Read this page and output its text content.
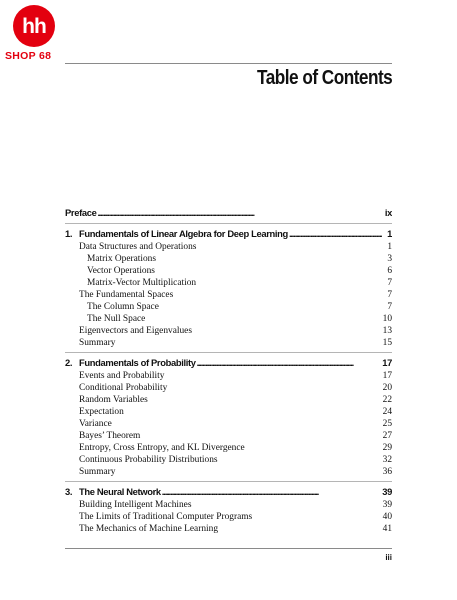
hh
SHOP 68
Table of Contents
Preface . . .	ix
1. Fundamentals of Linear Algebra for Deep Learning . . .	1
Data Structures and Operations	1
Matrix Operations	3
Vector Operations	6
Matrix-Vector Multiplication	7
The Fundamental Spaces	7
The Column Space	7
The Null Space	10
Eigenvectors and Eigenvalues	13
Summary	15
2. Fundamentals of Probability . . .	17
Events and Probability	17
Conditional Probability	20
Random Variables	22
Expectation	24
Variance	25
Bayes’ Theorem	27
Entropy, Cross Entropy, and KL Divergence	29
Continuous Probability Distributions	32
Summary	36
3. The Neural Network . . .	39
Building Intelligent Machines	39
The Limits of Traditional Computer Programs	40
The Mechanics of Machine Learning	41
iii
